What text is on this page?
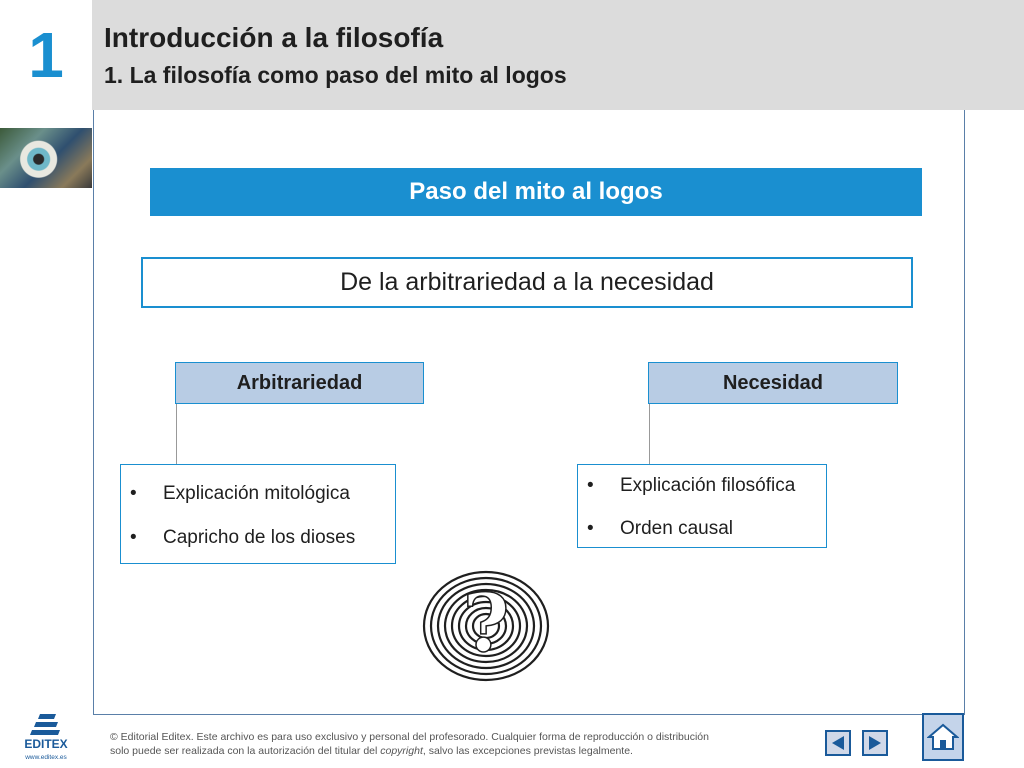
1 Introducción a la filosofía
1. La filosofía como paso del mito al logos
Paso del mito al logos
De la arbitrariedad a la necesidad
Arbitrariedad
• Explicación mitológica
• Capricho de los dioses
Necesidad
• Explicación filosófica
• Orden causal
?
EDITEX
www.editex.es
© Editorial Editex. Este archivo es para uso exclusivo y personal del profesorado. Cualquier forma de reproducción o distribución
solo puede ser realizada con la autorización del titular del copyright, salvo las excepciones previstas legalmente.
